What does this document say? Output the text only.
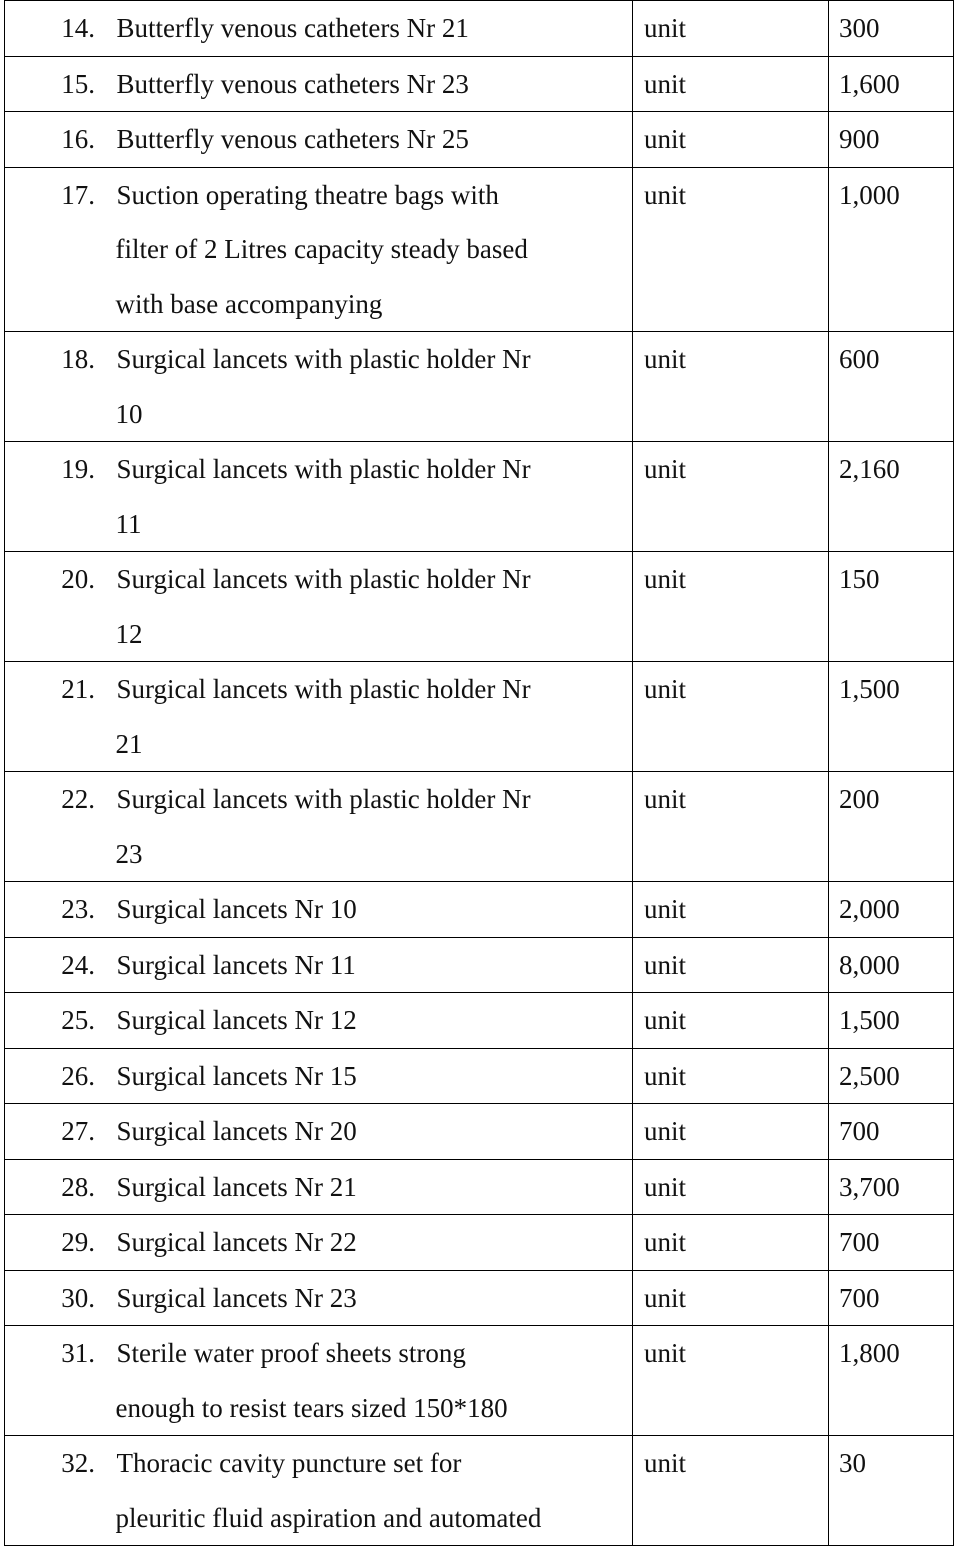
14.	Butterfly venous catheters Nr 21	unit	300

15.	Butterfly venous catheters Nr 23	unit	1,600

16.	Butterfly venous catheters Nr 25	unit	900

17.	Suction operating theatre bags with
filter of 2 Litres capacity steady based
with base accompanying	unit	1,000

18.	Surgical lancets with plastic holder Nr
10	unit	600

19.	Surgical lancets with plastic holder Nr
11	unit	2,160

20.	Surgical lancets with plastic holder Nr
12	unit	150

21.	Surgical lancets with plastic holder Nr
21	unit	1,500

22.	Surgical lancets with plastic holder Nr
23	unit	200

23.	Surgical lancets Nr 10	unit	2,000

24.	Surgical lancets Nr 11	unit	8,000

25.	Surgical lancets Nr 12	unit	1,500

26.	Surgical lancets Nr 15	unit	2,500

27.	Surgical lancets Nr 20	unit	700

28.	Surgical lancets Nr 21	unit	3,700

29.	Surgical lancets Nr 22	unit	700

30.	Surgical lancets Nr 23	unit	700

31.	Sterile water proof sheets strong
enough to resist tears sized 150*180	unit	1,800

32.	Thoracic cavity puncture set for
pleuritic fluid aspiration and automated	unit	30
